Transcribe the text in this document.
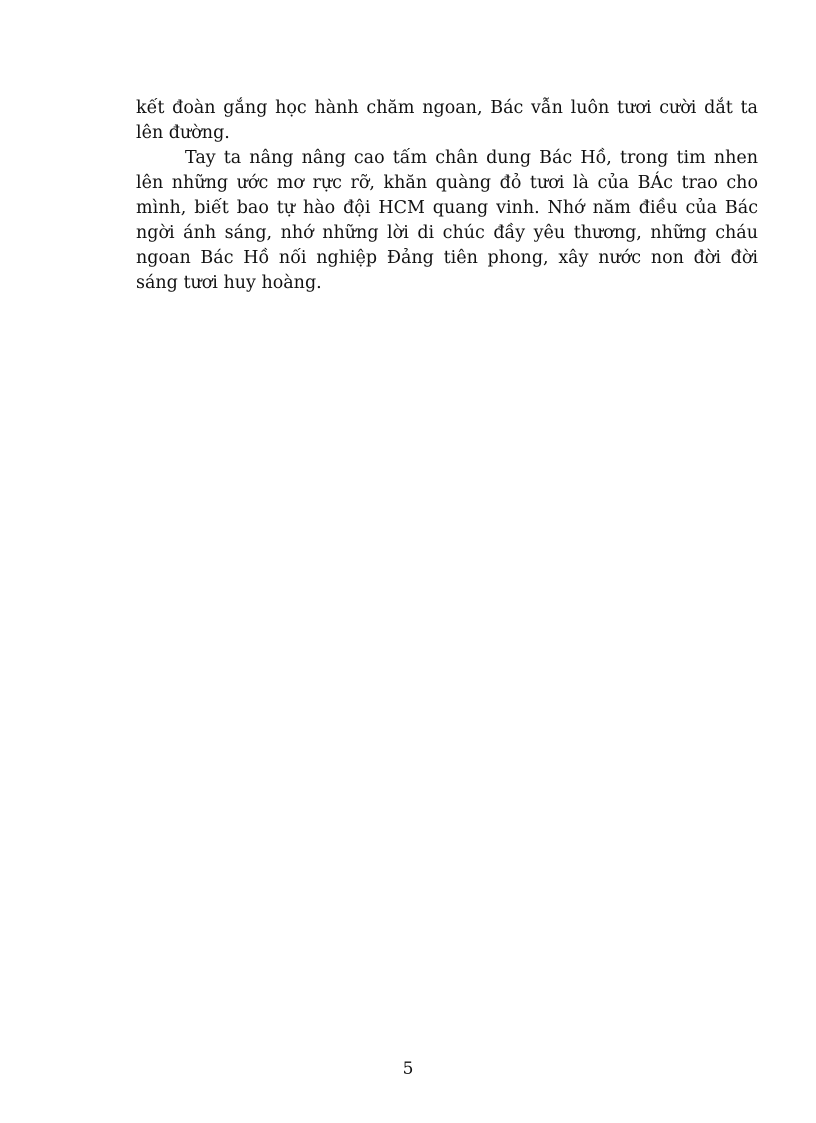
kết đoàn gắng học hành chăm ngoan, Bác vẫn luôn tươi cười dắt ta
lên đường.
Tay ta nâng nâng cao tấm chân dung Bác Hồ, trong tim nhen
lên những ước mơ rực rỡ, khăn quàng đỏ tươi là của BÁc trao cho
mình, biết bao tự hào đội HCM quang vinh. Nhớ năm điều của Bác
ngời ánh sáng, nhớ những lời di chúc đầy yêu thương, những cháu
ngoan Bác Hồ nối nghiệp Đảng tiên phong, xây nước non đời đời
sáng tươi huy hoàng.
5
